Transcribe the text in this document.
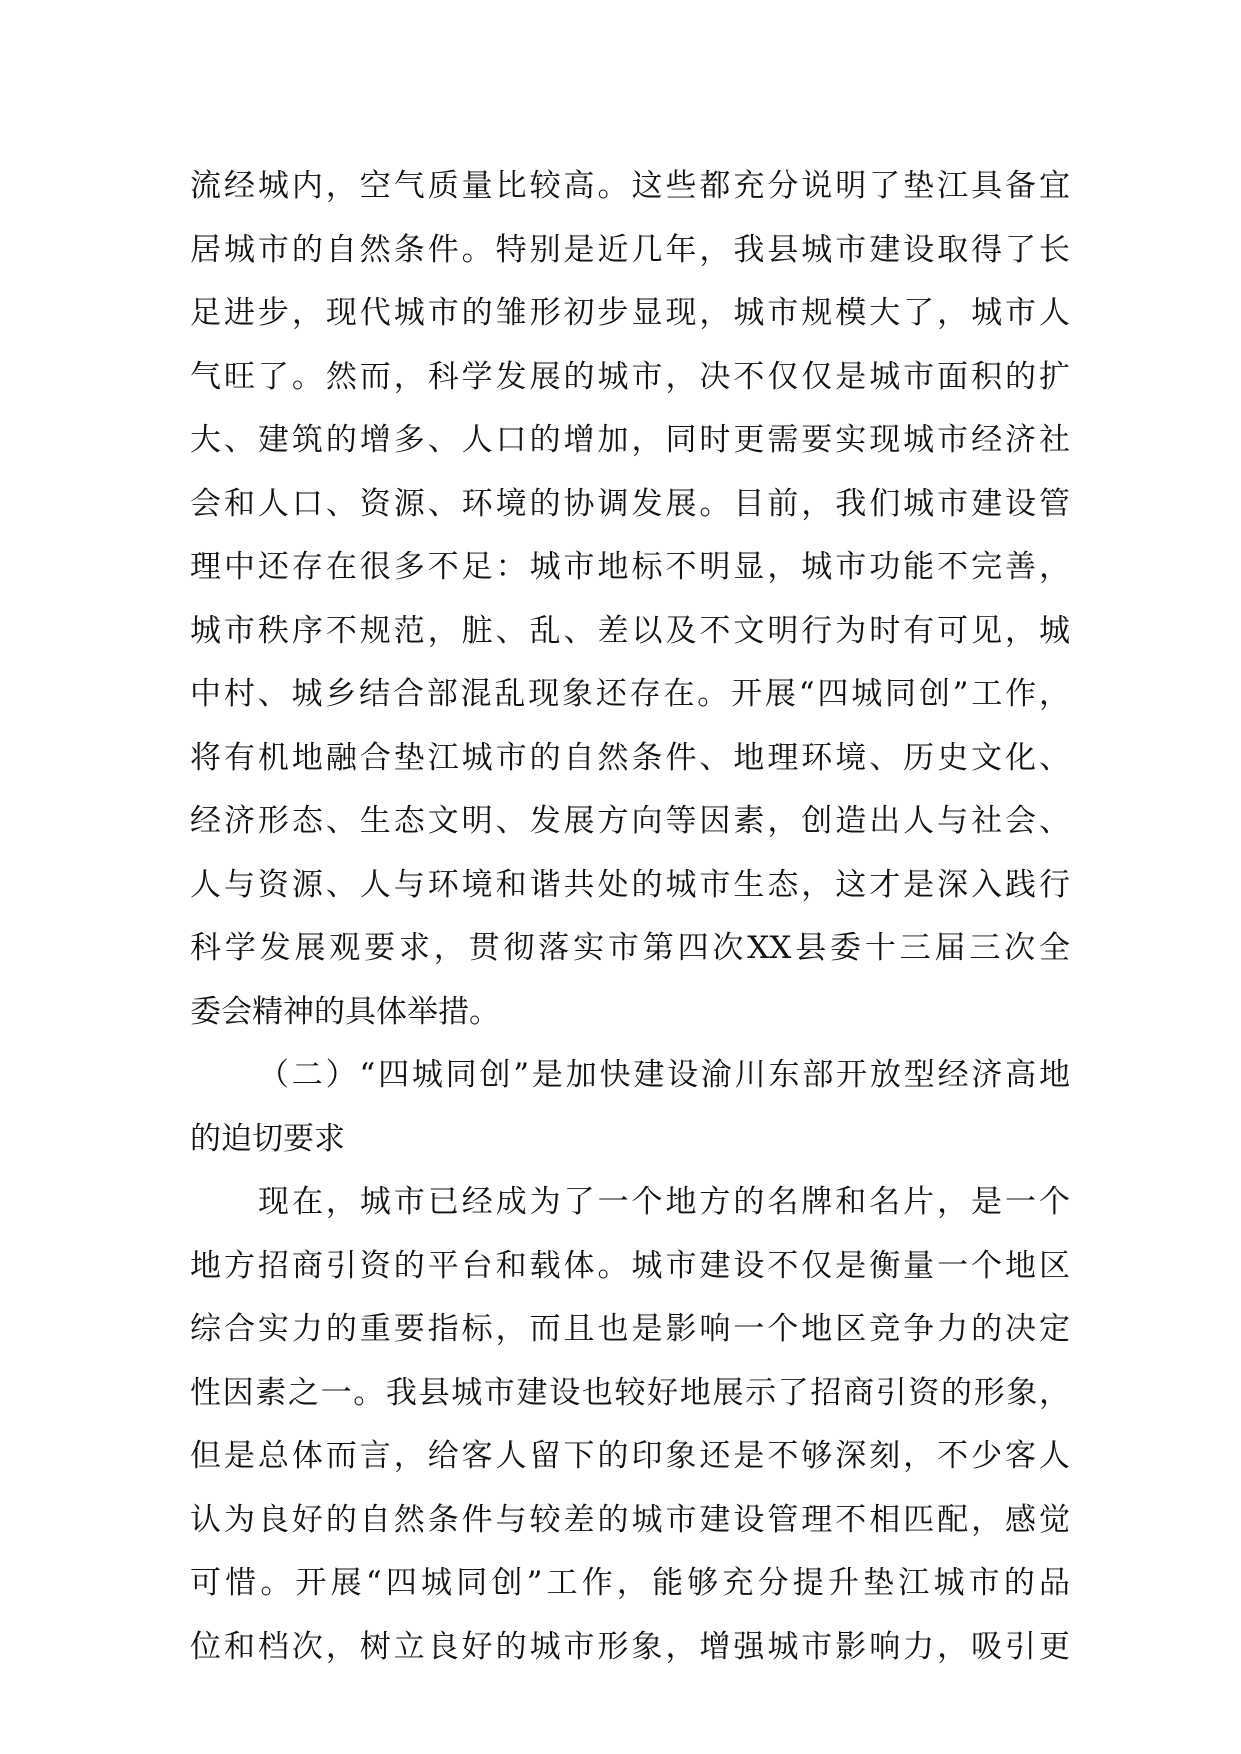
流经城内，空气质量比较高。这些都充分说明了垫江具备宜
居城市的自然条件。特别是近几年，我县城市建设取得了长
足进步，现代城市的雏形初步显现，城市规模大了，城市人
气旺了。然而，科学发展的城市，决不仅仅是城市面积的扩
大、建筑的增多、人口的增加，同时更需要实现城市经济社
会和人口、资源、环境的协调发展。目前，我们城市建设管
理中还存在很多不足：城市地标不明显，城市功能不完善，
城市秩序不规范，脏、乱、差以及不文明行为时有可见，城
中村、城乡结合部混乱现象还存在。开展“四城同创”工作，
将有机地融合垫江城市的自然条件、地理环境、历史文化、
经济形态、生态文明、发展方向等因素，创造出人与社会、
人与资源、人与环境和谐共处的城市生态，这才是深入践行
科学发展观要求，贯彻落实市第四次XX县委十三届三次全
委会精神的具体举措。
（二）“四城同创”是加快建设渝川东部开放型经济高地
的迫切要求
现在，城市已经成为了一个地方的名牌和名片，是一个
地方招商引资的平台和载体。城市建设不仅是衡量一个地区
综合实力的重要指标，而且也是影响一个地区竞争力的决定
性因素之一。我县城市建设也较好地展示了招商引资的形象，
但是总体而言，给客人留下的印象还是不够深刻，不少客人
认为良好的自然条件与较差的城市建设管理不相匹配，感觉
可惜。开展“四城同创”工作，能够充分提升垫江城市的品
位和档次，树立良好的城市形象，增强城市影响力，吸引更
